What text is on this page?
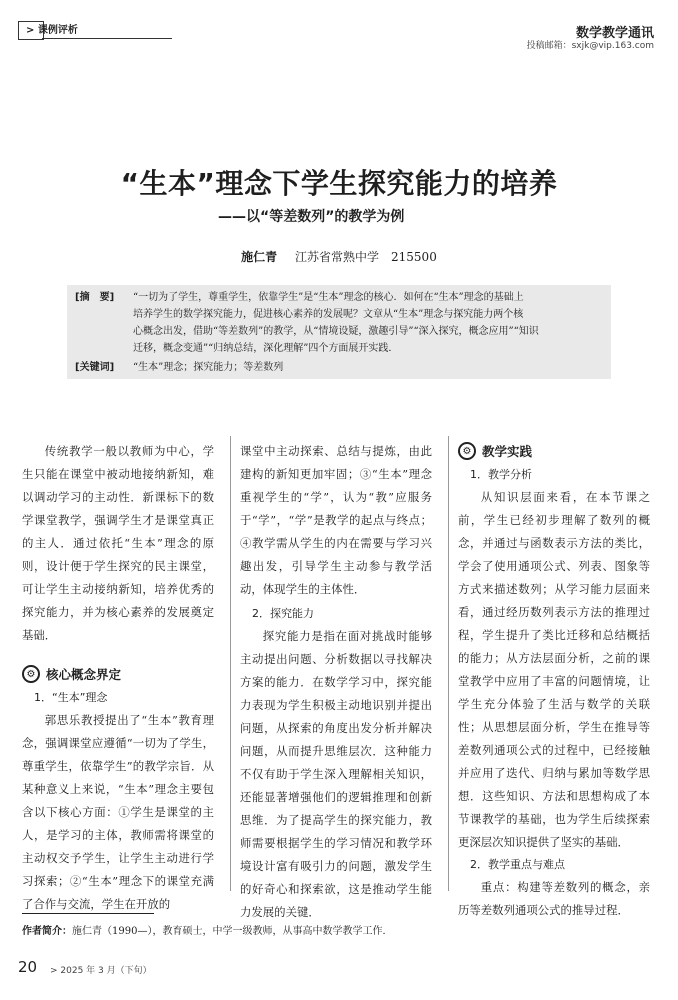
> 课例评析	数学教学通讯
投稿邮箱：sxjk@vip.163.com
“生本”理念下学生探究能力的培养
——以“等差数列”的教学为例
施仁青 江苏省常熟中学　215500
[摘　要] “一切为了学生，尊重学生，依靠学生”是“生本”理念的核心．如何在“生本”理念的基础上
培养学生的数学探究能力，促进核心素养的发展呢？文章从“生本”理念与探究能力两个核
心概念出发，借助“等差数列”的教学，从“情境设疑，激趣引导”“深入探究，概念应用”“知识
迁移，概念变通”“归纳总结，深化理解”四个方面展开实践．
[关键词] “生本”理念；探究能力；等差数列

传统教学一般以教师为中心，学生只能在课堂中被动地接纳新知，难以调动学习的主动性．新课标下的数学课堂教学，强调学生才是课堂真正的主人．通过依托“生本”理念的原则，设计便于学生探究的民主课堂，可让学生主动接纳新知，培养优秀的探究能力，并为核心素养的发展奠定基础．

⚙ 核心概念界定
1．“生本”理念

郭思乐教授提出了“生本”教育理念，强调课堂应遵循“一切为了学生，尊重学生，依靠学生”的教学宗旨．从某种意义上来说，“生本”理念主要包含以下核心方面：①学生是课堂的主人，是学习的主体，教师需将课堂的主动权交予学生，让学生主动进行学习探索；②“生本”理念下的课堂充满了合作与交流，学生在开放的

课堂中主动探索、总结与提炼，由此建构的新知更加牢固；③“生本”理念重视学生的“学”，认为“教”应服务于“学”，“学”是教学的起点与终点；④教学需从学生的内在需要与学习兴趣出发，引导学生主动参与教学活动，体现学生的主体性．

2．探究能力

探究能力是指在面对挑战时能够主动提出问题、分析数据以寻找解决方案的能力．在数学学习中，探究能力表现为学生积极主动地识别并提出问题，从探索的角度出发分析并解决问题，从而提升思维层次．这种能力不仅有助于学生深入理解相关知识，还能显著增强他们的逻辑推理和创新思维．为了提高学生的探究能力，教师需要根据学生的学习情况和教学环境设计富有吸引力的问题，激发学生的好奇心和探索欲，这是推动学生能力发展的关键．

⚙ 教学实践
1．教学分析

从知识层面来看，在本节课之前，学生已经初步理解了数列的概念，并通过与函数表示方法的类比，学会了使用通项公式、列表、图象等方式来描述数列；从学习能力层面来看，通过经历数列表示方法的推理过程，学生提升了类比迁移和总结概括的能力；从方法层面分析，之前的课堂教学中应用了丰富的问题情境，让学生充分体验了生活与数学的关联性；从思想层面分析，学生在推导等差数列通项公式的过程中，已经接触并应用了迭代、归纳与累加等数学思想．这些知识、方法和思想构成了本节课教学的基础，也为学生后续探索更深层次知识提供了坚实的基础．

2．教学重点与难点

重点：构建等差数列的概念，亲历等差数列通项公式的推导过程．

作者简介：施仁青（1990—），教育硕士，中学一级教师，从事高中数学教学工作．
20 > 2025 年 3 月（下旬）
